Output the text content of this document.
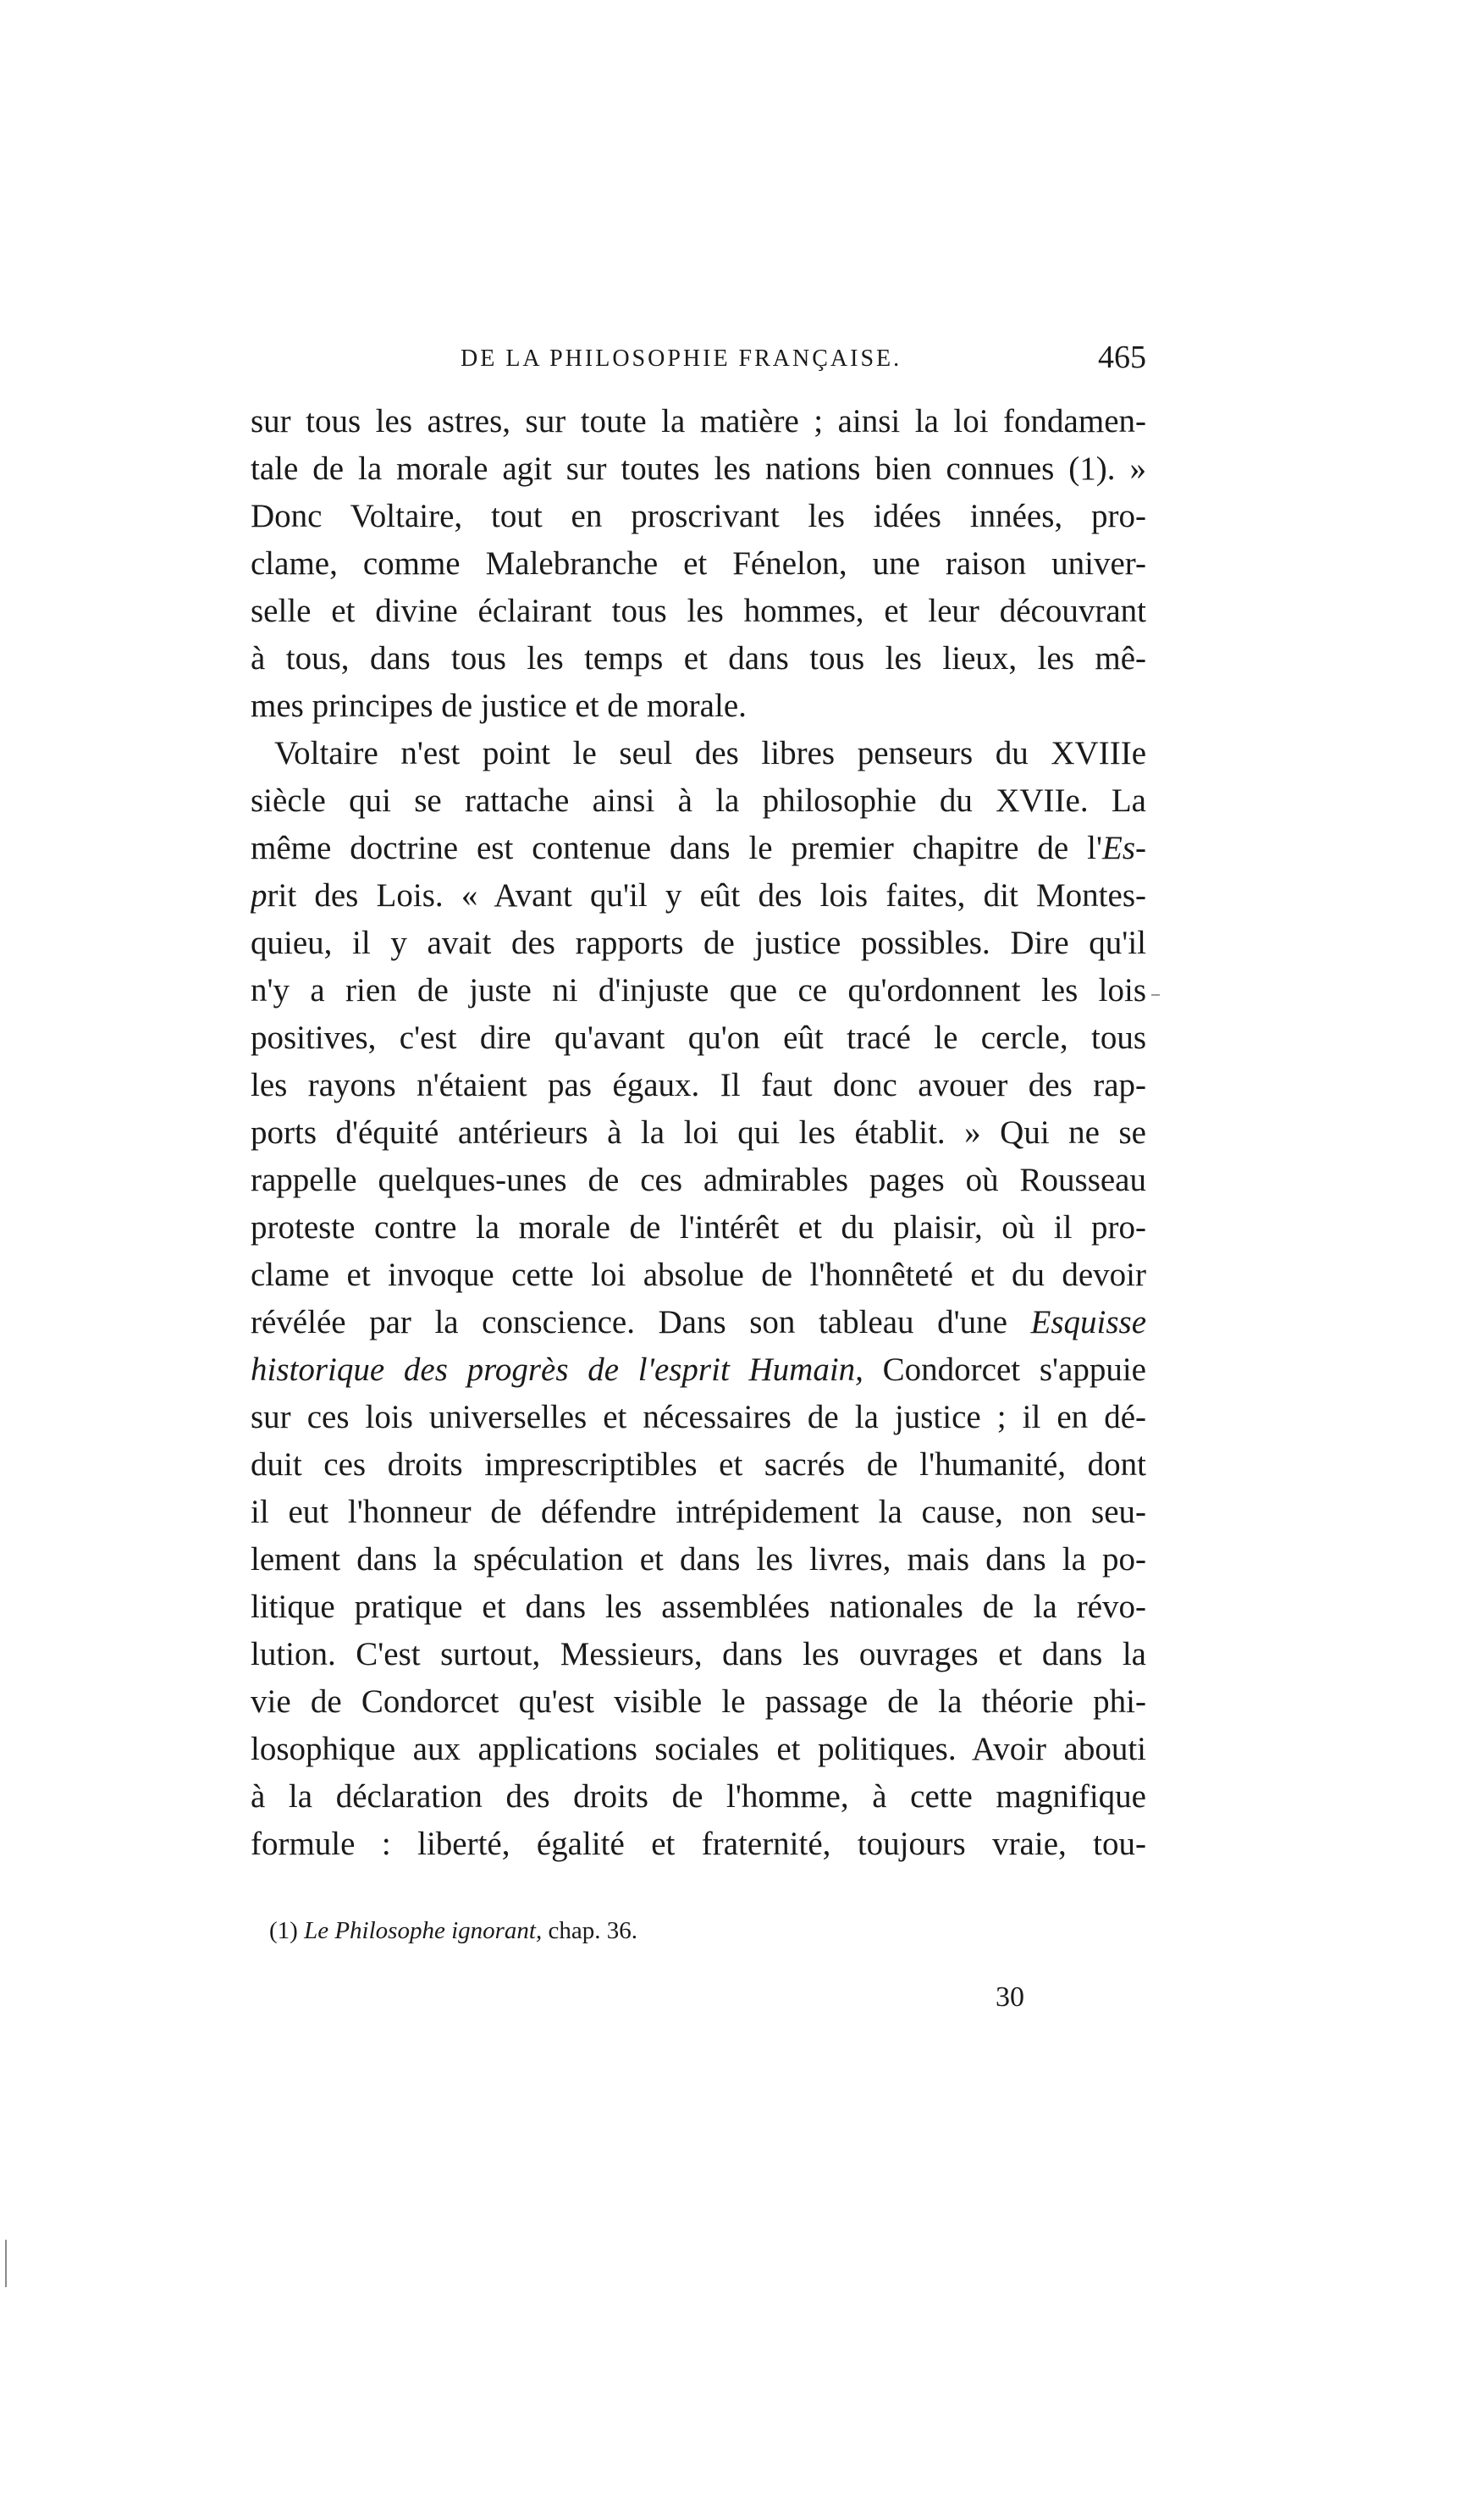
DE LA PHILOSOPHIE FRANÇAISE.	465
sur tous les astres, sur toute la matière ; ainsi la loi fondamen-
tale de la morale agit sur toutes les nations bien connues (1). »
Donc Voltaire, tout en proscrivant les idées innées, pro-
clame, comme Malebranche et Fénelon, une raison univer-
selle et divine éclairant tous les hommes, et leur découvrant
à tous, dans tous les temps et dans tous les lieux, les mê-
mes principes de justice et de morale.
Voltaire n'est point le seul des libres penseurs du XVIIIe
siècle qui se rattache ainsi à la philosophie du XVIIe. La
même doctrine est contenue dans le premier chapitre de l'Es-
prit des Lois. « Avant qu'il y eût des lois faites, dit Montes-
quieu, il y avait des rapports de justice possibles. Dire qu'il
n'y a rien de juste ni d'injuste que ce qu'ordonnent les lois
positives, c'est dire qu'avant qu'on eût tracé le cercle, tous
les rayons n'étaient pas égaux. Il faut donc avouer des rap-
ports d'équité antérieurs à la loi qui les établit. » Qui ne se
rappelle quelques-unes de ces admirables pages où Rousseau
proteste contre la morale de l'intérêt et du plaisir, où il pro-
clame et invoque cette loi absolue de l'honnêteté et du devoir
révélée par la conscience. Dans son tableau d'une Esquisse
historique des progrès de l'esprit Humain, Condorcet s'appuie
sur ces lois universelles et nécessaires de la justice ; il en dé-
duit ces droits imprescriptibles et sacrés de l'humanité, dont
il eut l'honneur de défendre intrépidement la cause, non seu-
lement dans la spéculation et dans les livres, mais dans la po-
litique pratique et dans les assemblées nationales de la révo-
lution. C'est surtout, Messieurs, dans les ouvrages et dans la
vie de Condorcet qu'est visible le passage de la théorie phi-
losophique aux applications sociales et politiques. Avoir abouti
à la déclaration des droits de l'homme, à cette magnifique
formule : liberté, égalité et fraternité, toujours vraie, tou-
(1) Le Philosophe ignorant, chap. 36.
30
